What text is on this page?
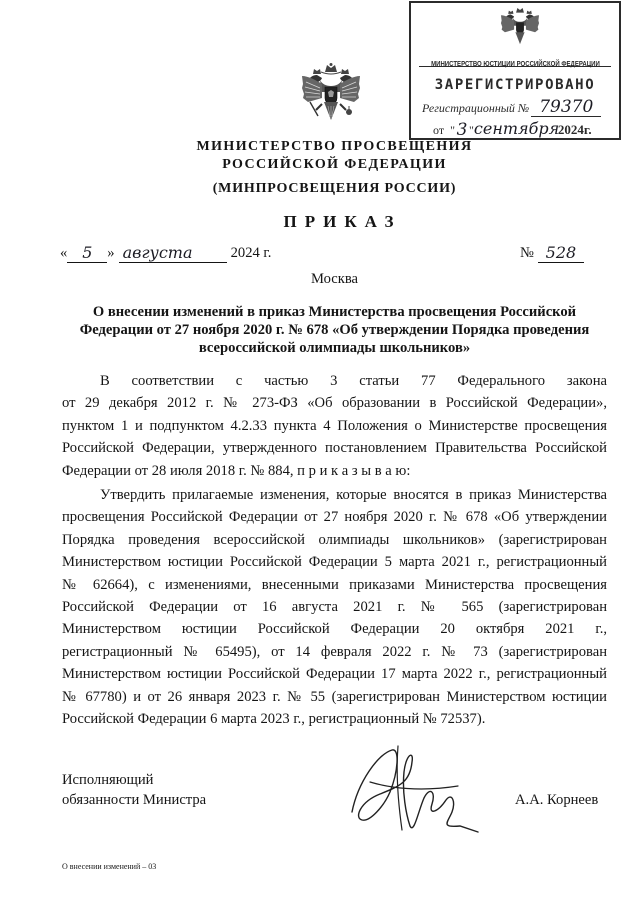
МИНИСТЕРСТВО ЮСТИЦИИ РОССИЙСКОЙ ФЕДЕРАЦИИ
ЗАРЕГИСТРИРОВАНО
Регистрационный № 79370
от " 3 " сентября
2024г.
МИНИСТЕРСТВО ПРОСВЕЩЕНИЯ
РОССИЙСКОЙ ФЕДЕРАЦИИ
(МИНПРОСВЕЩЕНИЯ РОССИИ)
ПРИКАЗ
« 5	» августа	2024 г.	№ 528
Москва
О внесении изменений в приказ Министерства просвещения Российской
Федерации от 27 ноября 2020 г. № 678 «Об утверждении Порядка проведения
всероссийской олимпиады школьников»
В соответствии с частью 3 статьи 77 Федерального закона
от 29 декабря 2012 г. № 273-ФЗ «Об образовании в Российской Федерации»,
пунктом 1 и подпунктом 4.2.33 пункта 4 Положения о Министерстве просвещения
Российской Федерации, утвержденного постановлением Правительства Российской
Федерации от 28 июля 2018 г. № 884, п р и к а з ы в а ю:
Утвердить прилагаемые изменения, которые вносятся в приказ Министерства
просвещения Российской Федерации от 27 ноября 2020 г. № 678 «Об утверждении
Порядка проведения всероссийской олимпиады школьников» (зарегистрирован
Министерством юстиции Российской Федерации 5 марта 2021 г., регистрационный
№ 62664), с изменениями, внесенными приказами Министерства просвещения
Российской Федерации от 16 августа 2021 г. № 565 (зарегистрирован
Министерством юстиции Российской Федерации 20 октября 2021 г.,
регистрационный № 65495), от 14 февраля 2022 г. № 73 (зарегистрирован
Министерством юстиции Российской Федерации 17 марта 2022 г., регистрационный
№ 67780) и от 26 января 2023 г. № 55 (зарегистрирован Министерством юстиции
Российской Федерации 6 марта 2023 г., регистрационный № 72537).
Исполняющий
обязанности Министра	А.А. Корнеев
О внесении изменений – 03
